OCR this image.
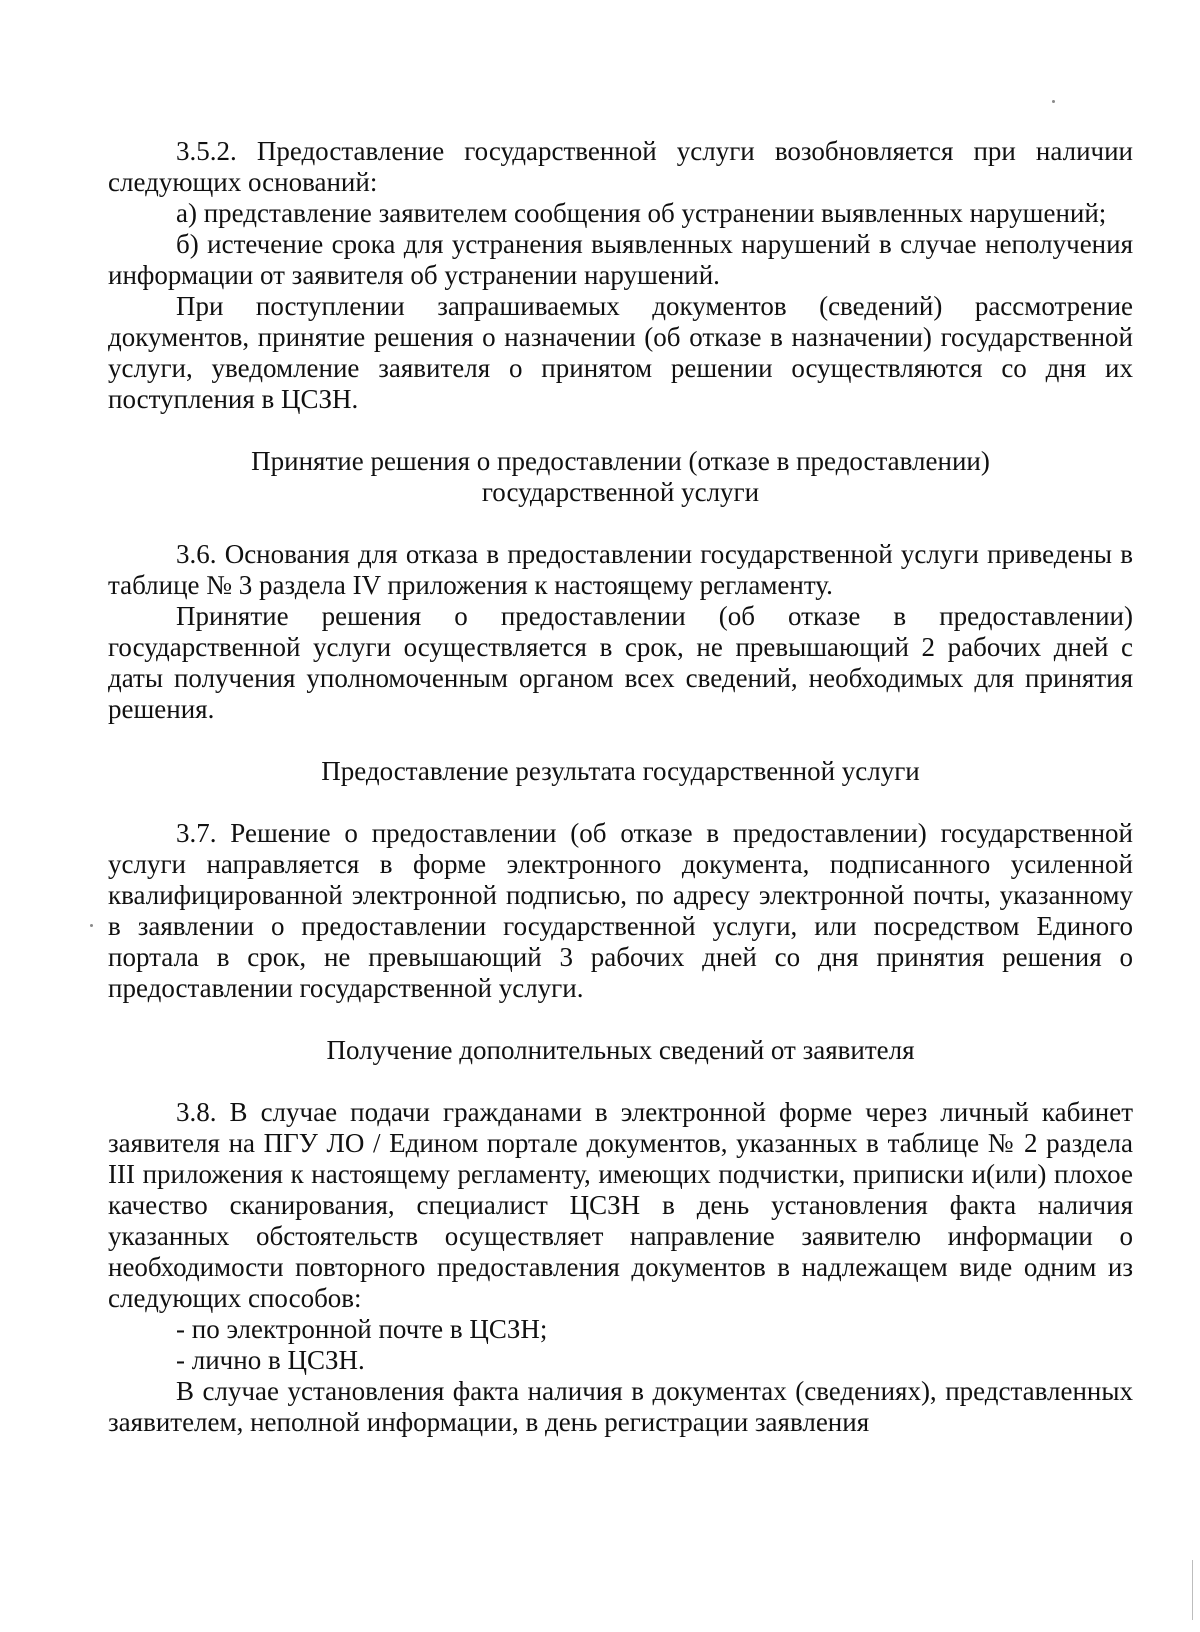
3.5.2. Предоставление государственной услуги возобновляется при наличии следующих оснований:

а) представление заявителем сообщения об устранении выявленных нарушений;

б) истечение срока для устранения выявленных нарушений в случае неполучения информации от заявителя об устранении нарушений.

При поступлении запрашиваемых документов (сведений) рассмотрение документов, принятие решения о назначении (об отказе в назначении) государственной услуги, уведомление заявителя о принятом решении осуществляются со дня их поступления в ЦСЗН.

Принятие решения о предоставлении (отказе в предоставлении)

государственной услуги

3.6. Основания для отказа в предоставлении государственной услуги приведены в таблице № 3 раздела IV приложения к настоящему регламенту.

Принятие решения о предоставлении (об отказе в предоставлении) государственной услуги осуществляется в срок, не превышающий 2 рабочих дней с даты получения уполномоченным органом всех сведений, необходимых для принятия решения.

Предоставление результата государственной услуги

3.7. Решение о предоставлении (об отказе в предоставлении) государственной услуги направляется в форме электронного документа, подписанного усиленной квалифицированной электронной подписью, по адресу электронной почты, указанному в заявлении о предоставлении государственной услуги, или посредством Единого портала в срок, не превышающий 3 рабочих дней со дня принятия решения о предоставлении государственной услуги.

Получение дополнительных сведений от заявителя

3.8. В случае подачи гражданами в электронной форме через личный кабинет заявителя на ПГУ ЛО / Едином портале документов, указанных в таблице № 2 раздела III приложения к настоящему регламенту, имеющих подчистки, приписки и(или) плохое качество сканирования, специалист ЦСЗН в день установления факта наличия указанных обстоятельств осуществляет направление заявителю информации о необходимости повторного предоставления документов в надлежащем виде одним из следующих способов:

- по электронной почте в ЦСЗН;

- лично в ЦСЗН.

В случае установления факта наличия в документах (сведениях), представленных заявителем, неполной информации, в день регистрации заявления
